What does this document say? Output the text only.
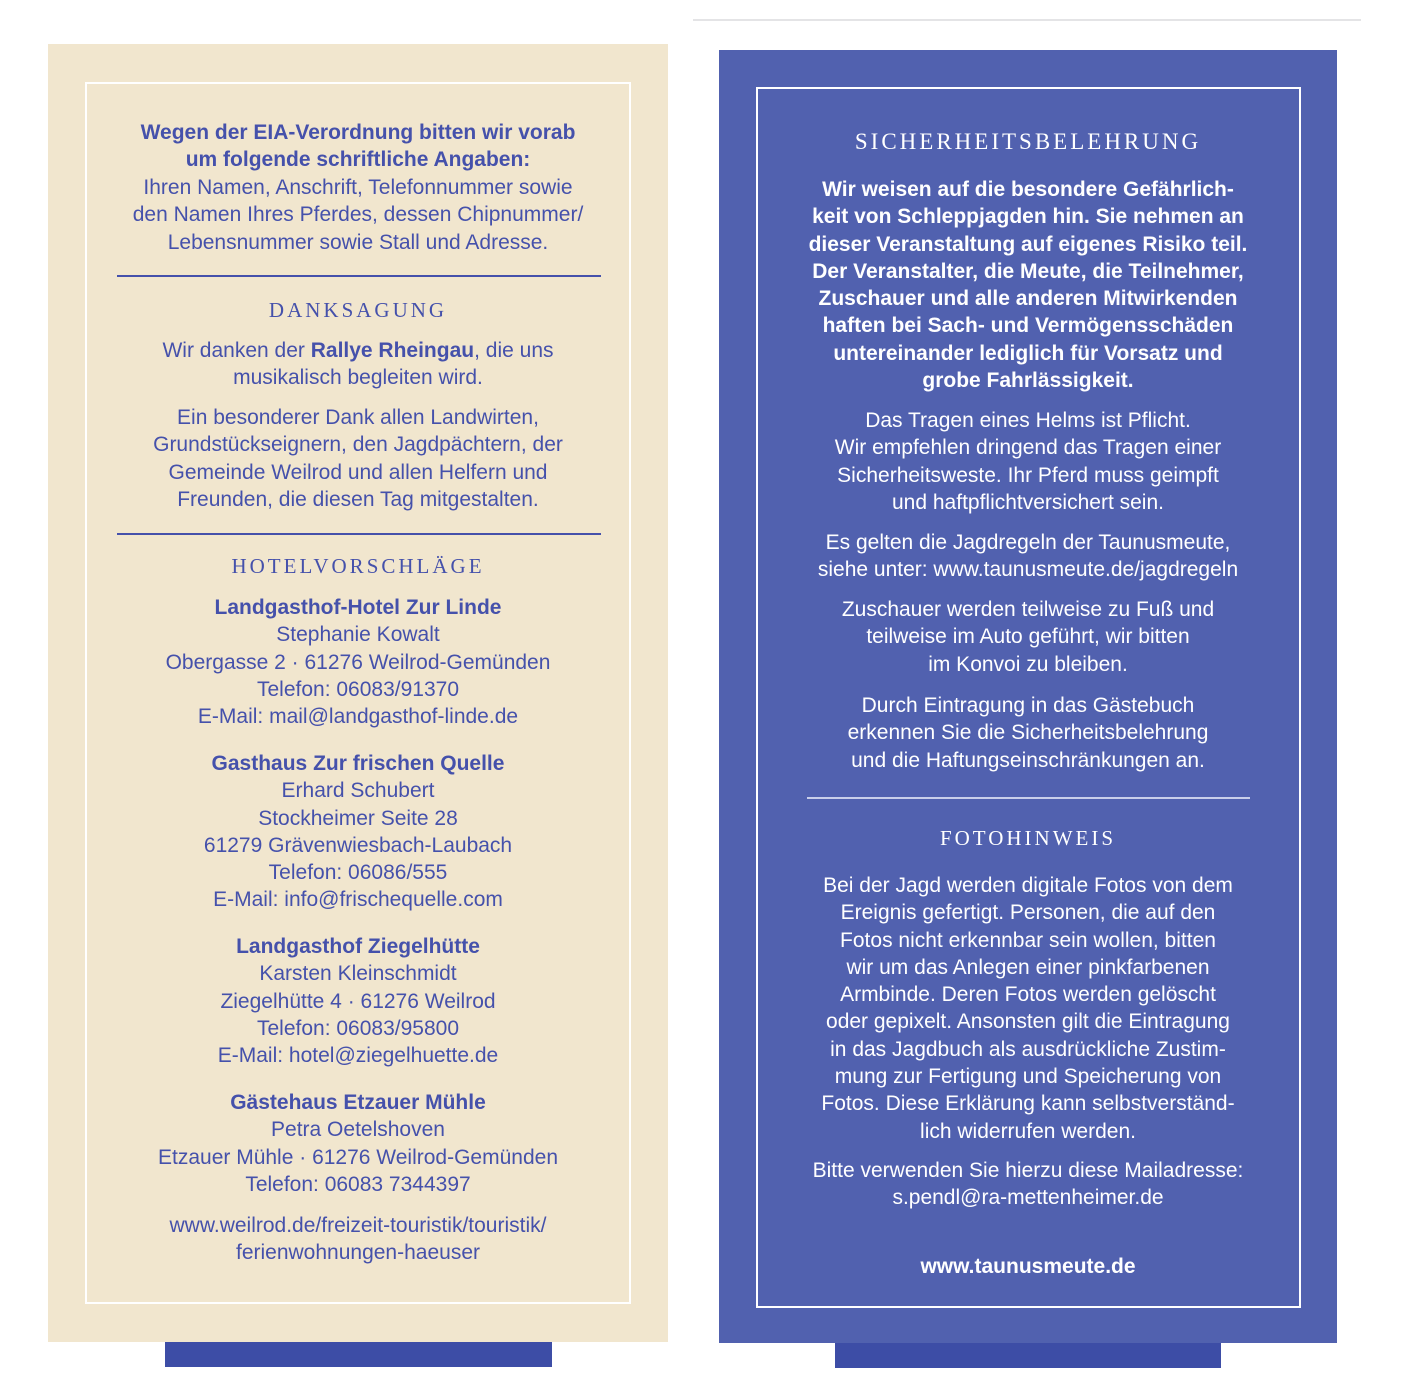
Wegen der EIA-Verordnung bitten wir vorab
um folgende schriftliche Angaben:
Ihren Namen, Anschrift, Telefonnummer sowie
den Namen Ihres Pferdes, dessen Chipnummer/
Lebensnummer sowie Stall und Adresse.
DANKSAGUNG
Wir danken der Rallye Rheingau, die uns
musikalisch begleiten wird.
Ein besonderer Dank allen Landwirten,
Grundstückseignern, den Jagdpächtern, der
Gemeinde Weilrod und allen Helfern und
Freunden, die diesen Tag mitgestalten.
HOTELVORSCHLÄGE
Landgasthof-Hotel Zur Linde
Stephanie Kowalt
Obergasse 2 · 61276 Weilrod-Gemünden
Telefon: 06083/91370
E-Mail: mail@landgasthof-linde.de
Gasthaus Zur frischen Quelle
Erhard Schubert
Stockheimer Seite 28
61279 Grävenwiesbach-Laubach
Telefon: 06086/555
E-Mail: info@frischequelle.com
Landgasthof Ziegelhütte
Karsten Kleinschmidt
Ziegelhütte 4 · 61276 Weilrod
Telefon: 06083/95800
E-Mail: hotel@ziegelhuette.de
Gästehaus Etzauer Mühle
Petra Oetelshoven
Etzauer Mühle · 61276 Weilrod-Gemünden
Telefon: 06083 7344397
www.weilrod.de/freizeit-touristik/touristik/
ferienwohnungen-haeuser
SICHERHEITSBELEHRUNG
Wir weisen auf die besondere Gefährlich-
keit von Schleppjagden hin. Sie nehmen an
dieser Veranstaltung auf eigenes Risiko teil.
Der Veranstalter, die Meute, die Teilnehmer,
Zuschauer und alle anderen Mitwirkenden
haften bei Sach- und Vermögensschäden
untereinander lediglich für Vorsatz und
grobe Fahrlässigkeit.
Das Tragen eines Helms ist Pflicht.
Wir empfehlen dringend das Tragen einer
Sicherheitsweste. Ihr Pferd muss geimpft
und haftpflichtversichert sein.
Es gelten die Jagdregeln der Taunusmeute,
siehe unter: www.taunusmeute.de/jagdregeln
Zuschauer werden teilweise zu Fuß und
teilweise im Auto geführt, wir bitten
im Konvoi zu bleiben.
Durch Eintragung in das Gästebuch
erkennen Sie die Sicherheitsbelehrung
und die Haftungseinschränkungen an.
FOTOHINWEIS
Bei der Jagd werden digitale Fotos von dem
Ereignis gefertigt. Personen, die auf den
Fotos nicht erkennbar sein wollen, bitten
wir um das Anlegen einer pinkfarbenen
Armbinde. Deren Fotos werden gelöscht
oder gepixelt. Ansonsten gilt die Eintragung
in das Jagdbuch als ausdrückliche Zustim-
mung zur Fertigung und Speicherung von
Fotos. Diese Erklärung kann selbstverständ-
lich widerrufen werden.
Bitte verwenden Sie hierzu diese Mailadresse:
s.pendl@ra-mettenheimer.de
www.taunusmeute.de
